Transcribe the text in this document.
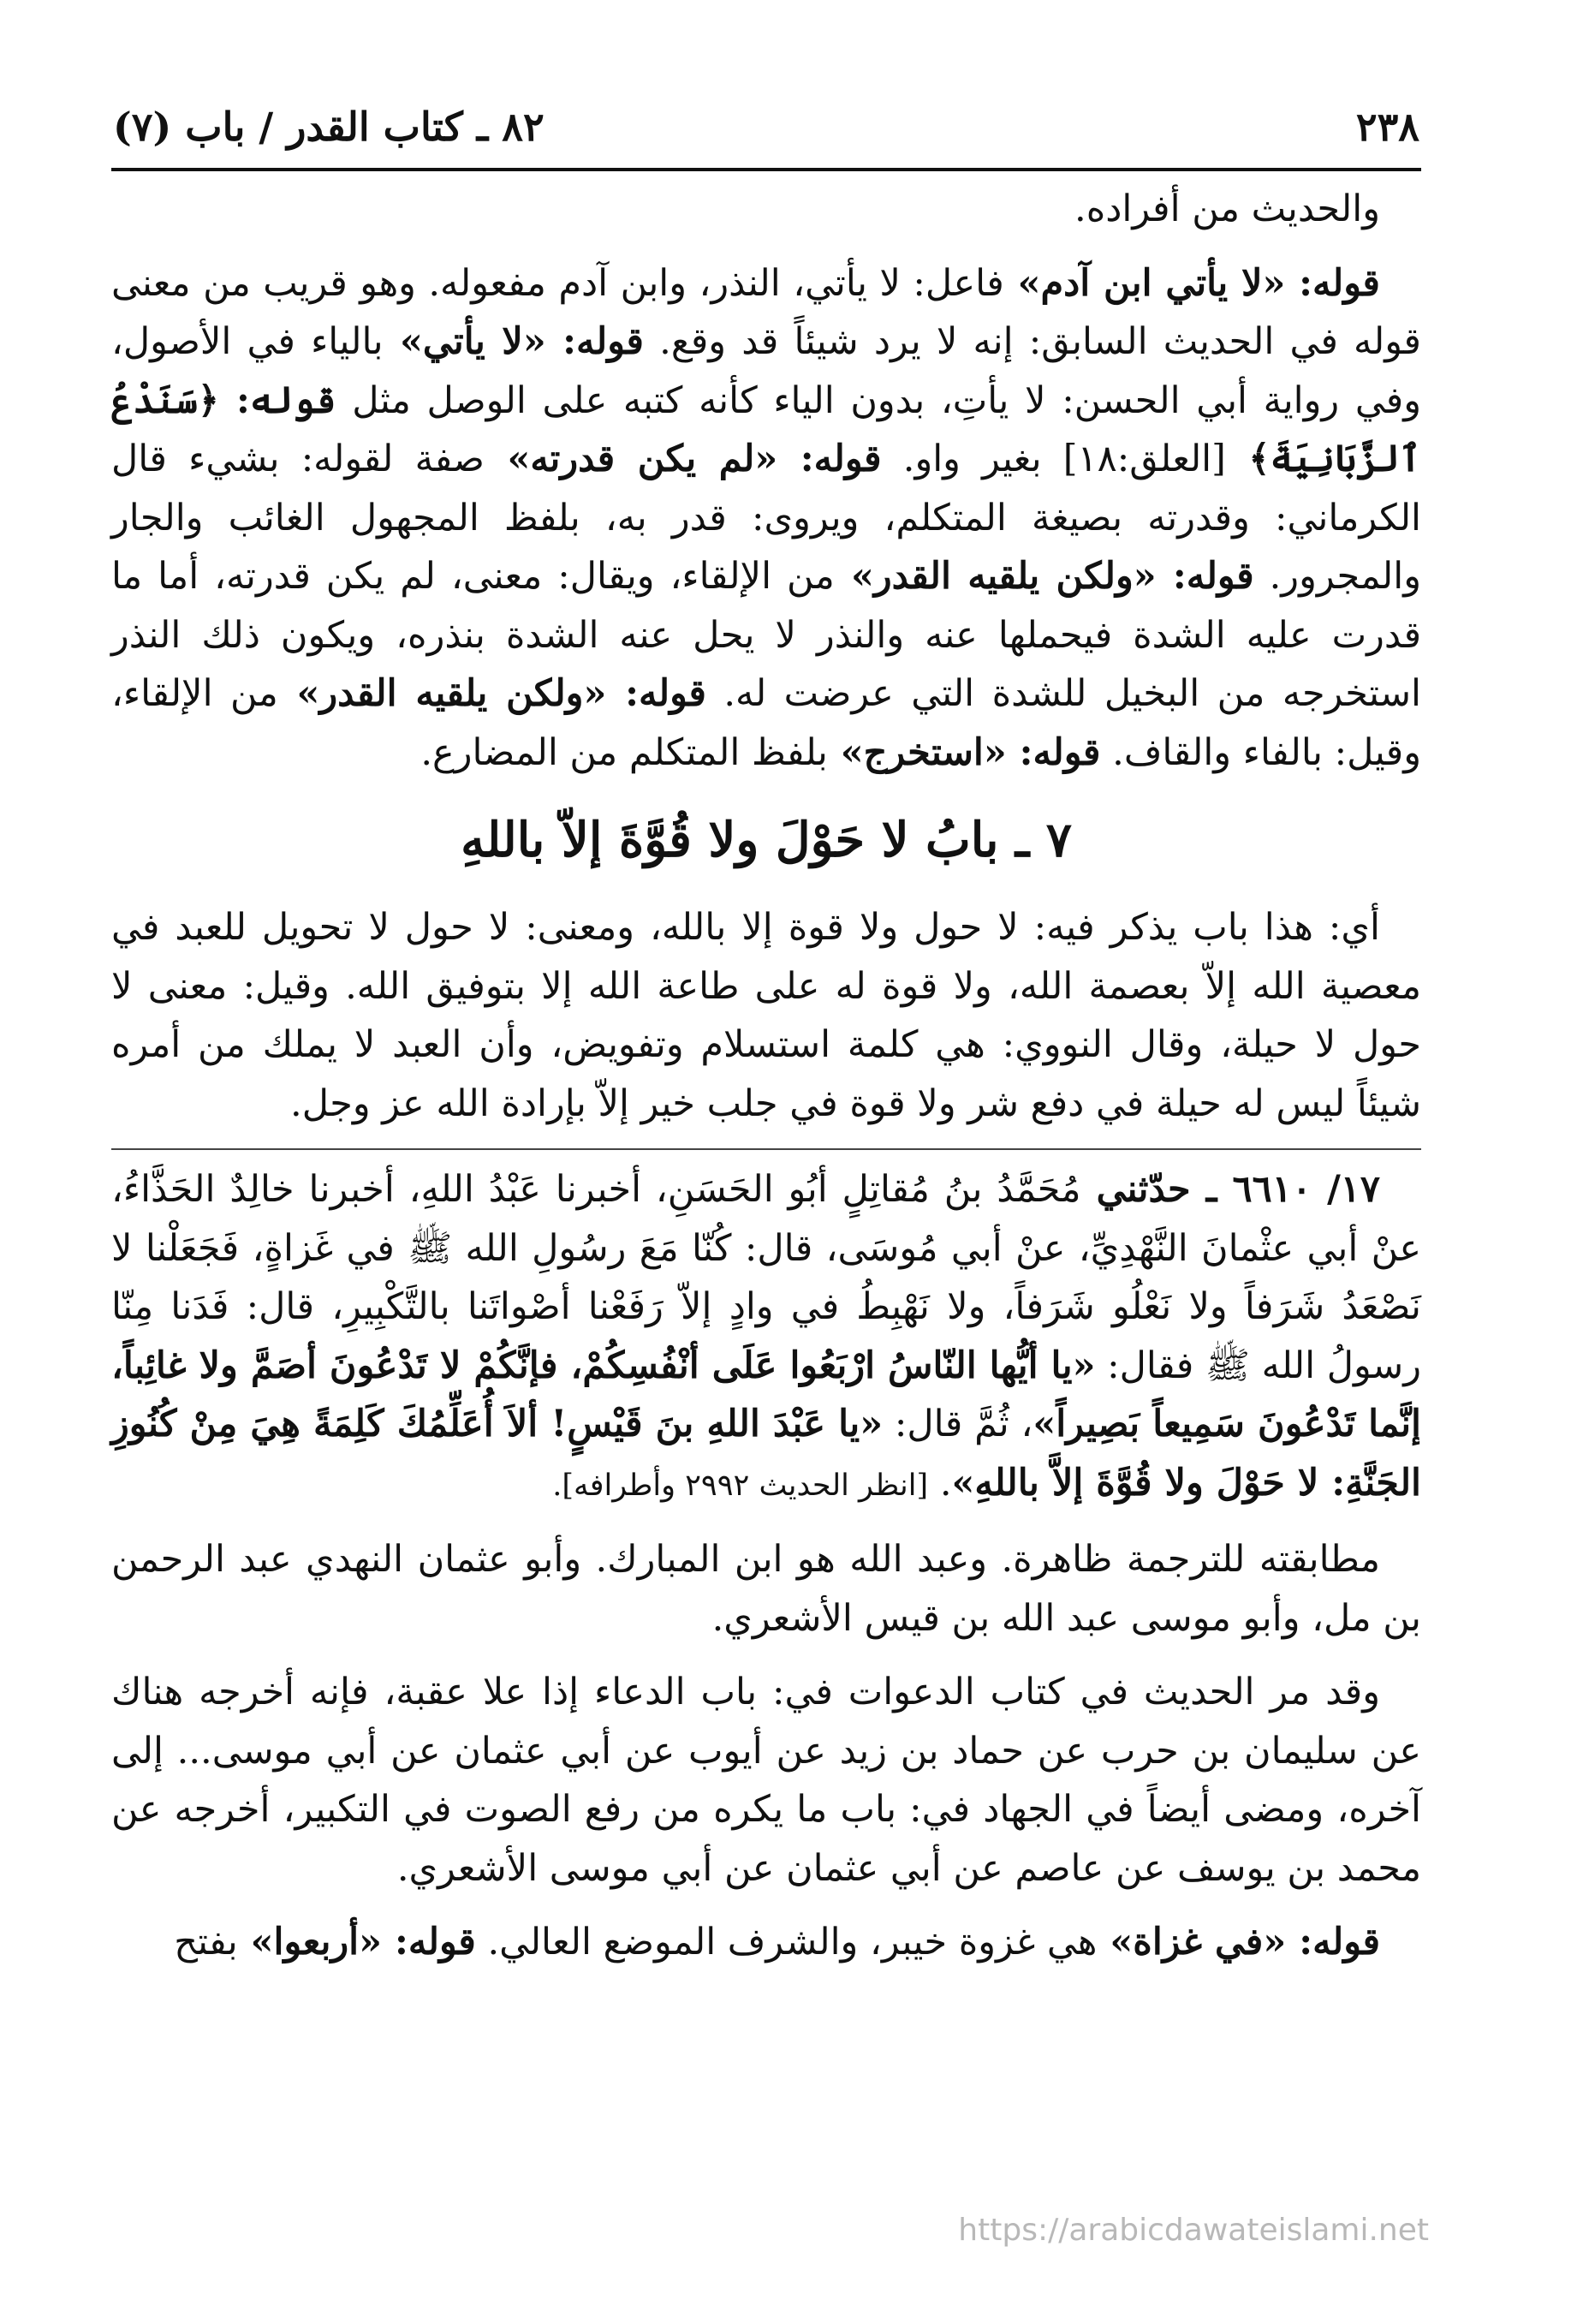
٢٣٨
٨٢ ـ كتاب القدر / باب (٧)

والحديث من أفراده.

قوله: «لا يأتي ابن آدم» فاعل: لا يأتي، النذر، وابن آدم مفعوله. وهو قريب من معنى قوله في الحديث السابق: إنه لا يرد شيئاً قد وقع. قوله: «لا يأتي» بالياء في الأصول، وفي رواية أبي الحسن: لا يأتِ، بدون الياء كأنه كتبه على الوصل مثل قوله: ﴿سَنَدْعُ ٱلزَّبَانِيَةَ﴾ [العلق:١٨] بغير واو. قوله: «لم يكن قدرته» صفة لقوله: بشيء قال الكرماني: وقدرته بصيغة المتكلم، ويروى: قدر به، بلفظ المجهول الغائب والجار والمجرور. قوله: «ولكن يلقيه القدر» من الإلقاء، ويقال: معنى، لم يكن قدرته، أما ما قدرت عليه الشدة فيحملها عنه والنذر لا يحل عنه الشدة بنذره، ويكون ذلك النذر استخرجه من البخيل للشدة التي عرضت له. قوله: «ولكن يلقيه القدر» من الإلقاء، وقيل: بالفاء والقاف. قوله: «استخرج» بلفظ المتكلم من المضارع.

٧ ـ بابُ لا حَوْلَ ولا قُوَّةَ إلاّ باللهِ

أي: هذا باب يذكر فيه: لا حول ولا قوة إلا بالله، ومعنى: لا حول لا تحويل للعبد في معصية الله إلاّ بعصمة الله، ولا قوة له على طاعة الله إلا بتوفيق الله. وقيل: معنى لا حول لا حيلة، وقال النووي: هي كلمة استسلام وتفويض، وأن العبد لا يملك من أمره شيئاً ليس له حيلة في دفع شر ولا قوة في جلب خير إلاّ بإرادة الله عز وجل.

١٧/ ٦٦١٠ ـ حدّثني مُحَمَّدُ بنُ مُقاتِلٍ أبُو الحَسَنِ، أخبرنا عَبْدُ اللهِ، أخبرنا خالِدٌ الحَذَّاءُ، عنْ أبي عثْمانَ النَّهْدِيِّ، عنْ أبي مُوسَى، قال: كُنّا مَعَ رسُولِ الله ﷺ في غَزاةٍ، فَجَعَلْنا لا نَصْعَدُ شَرَفاً ولا نَعْلُو شَرَفاً، ولا نَهْبِطُ في وادٍ إلاّ رَفَعْنا أصْواتَنا بالتَّكْبِيرِ، قال: فَدَنا مِنّا رسولُ الله ﷺ فقال: «يا أيُّها النّاسُ ارْبَعُوا عَلَى أنْفُسِكُمْ، فإنَّكُمْ لا تَدْعُونَ أصَمَّ ولا غائِباً، إنَّما تَدْعُونَ سَمِيعاً بَصِيراً»، ثُمَّ قال: «يا عَبْدَ اللهِ بنَ قَيْسٍ! ألاَ أُعَلِّمُكَ كَلِمَةً هِيَ مِنْ كُنُوزِ الجَنَّةِ: لا حَوْلَ ولا قُوَّةَ إلاَّ باللهِ». [انظر الحديث ٢٩٩٢ وأطرافه].

مطابقته للترجمة ظاهرة. وعبد الله هو ابن المبارك. وأبو عثمان النهدي عبد الرحمن بن مل، وأبو موسى عبد الله بن قيس الأشعري.

وقد مر الحديث في كتاب الدعوات في: باب الدعاء إذا علا عقبة، فإنه أخرجه هناك عن سليمان بن حرب عن حماد بن زيد عن أيوب عن أبي عثمان عن أبي موسى... إلى آخره، ومضى أيضاً في الجهاد في: باب ما يكره من رفع الصوت في التكبير، أخرجه عن محمد بن يوسف عن عاصم عن أبي عثمان عن أبي موسى الأشعري.

قوله: «في غزاة» هي غزوة خيبر، والشرف الموضع العالي. قوله: «أربعوا» بفتح

https://arabicdawateislami.net
